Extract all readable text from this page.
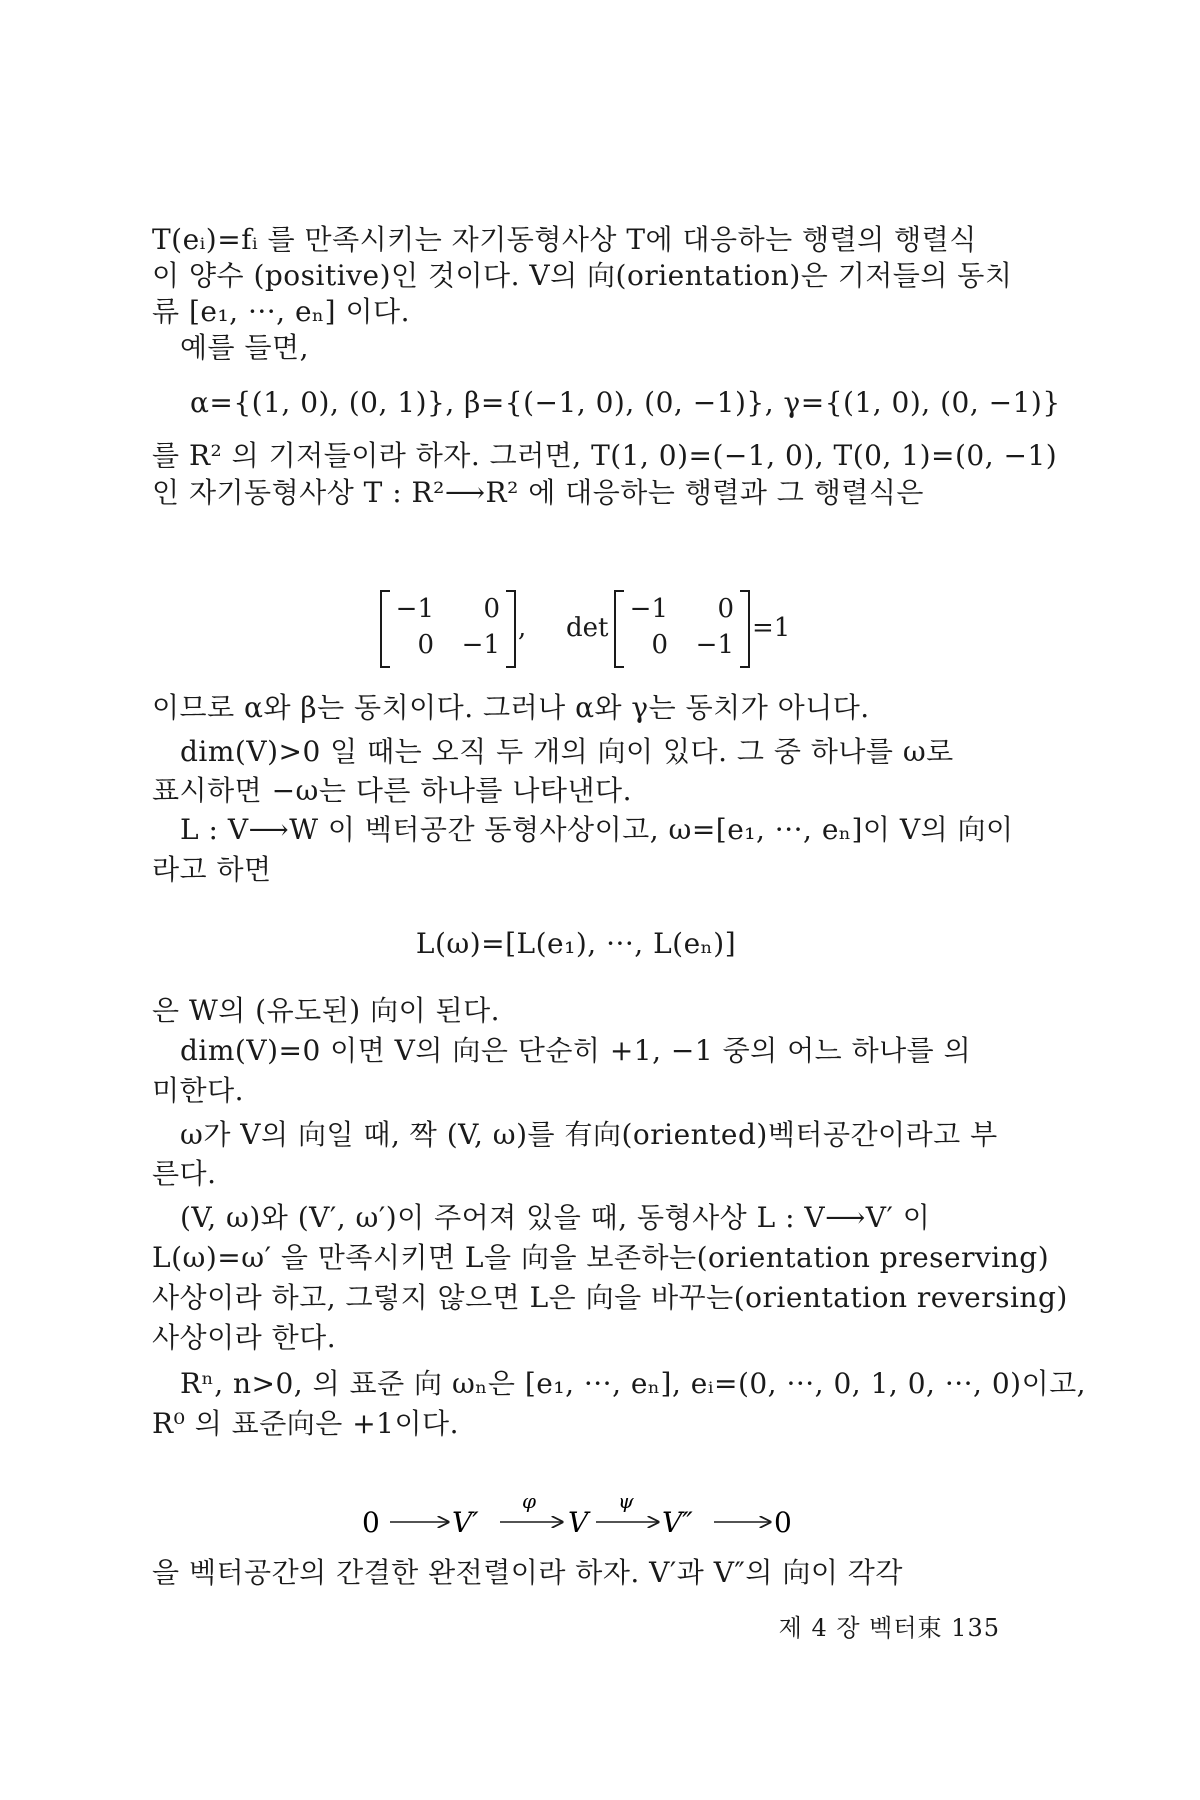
T(eᵢ)=fᵢ 를 만족시키는 자기동형사상 T에 대응하는 행렬의 행렬식
이 양수 (positive)인 것이다. V의 向(orientation)은 기저들의 동치
류 [e₁, ···, eₙ] 이다.
예를 들면,
α={(1, 0), (0, 1)}, β={(−1, 0), (0, −1)}, γ={(1, 0), (0, −1)}
를 R² 의 기저들이라 하자. 그러면, T(1, 0)=(−1, 0), T(0, 1)=(0, −1)
인 자기동형사상 T : R²⟶R² 에 대응하는 행렬과 그 행렬식은
−1	0
0 −1
, det
−1	0
0 −1
=1
이므로 α와 β는 동치이다. 그러나 α와 γ는 동치가 아니다.
dim(V)>0 일 때는 오직 두 개의 向이 있다. 그 중 하나를 ω로
표시하면 −ω는 다른 하나를 나타낸다.
L : V⟶W 이 벡터공간 동형사상이고, ω=[e₁, ···, eₙ]이 V의 向이
라고 하면
L(ω)=[L(e₁), ···, L(eₙ)]
은 W의 (유도된) 向이 된다.
dim(V)=0 이면 V의 向은 단순히 +1, −1 중의 어느 하나를 의
미한다.
ω가 V의 向일 때, 짝 (V, ω)를 有向(oriented)벡터공간이라고 부
른다.
(V, ω)와 (V′, ω′)이 주어져 있을 때, 동형사상 L : V⟶V′ 이
L(ω)=ω′ 을 만족시키면 L을 向을 보존하는(orientation preserving)
사상이라 하고, 그렇지 않으면 L은 向을 바꾸는(orientation reversing)
사상이라 한다.
Rⁿ, n>0, 의 표준 向 ωₙ은 [e₁, ···, eₙ], eᵢ=(0, ···, 0, 1, 0, ···, 0)이고,
R⁰ 의 표준向은 +1이다.
0	V′
φ
V
ψ
V″	0
을 벡터공간의 간결한 완전렬이라 하자. V′과 V″의 向이 각각
제 4 장 벡터束 135
